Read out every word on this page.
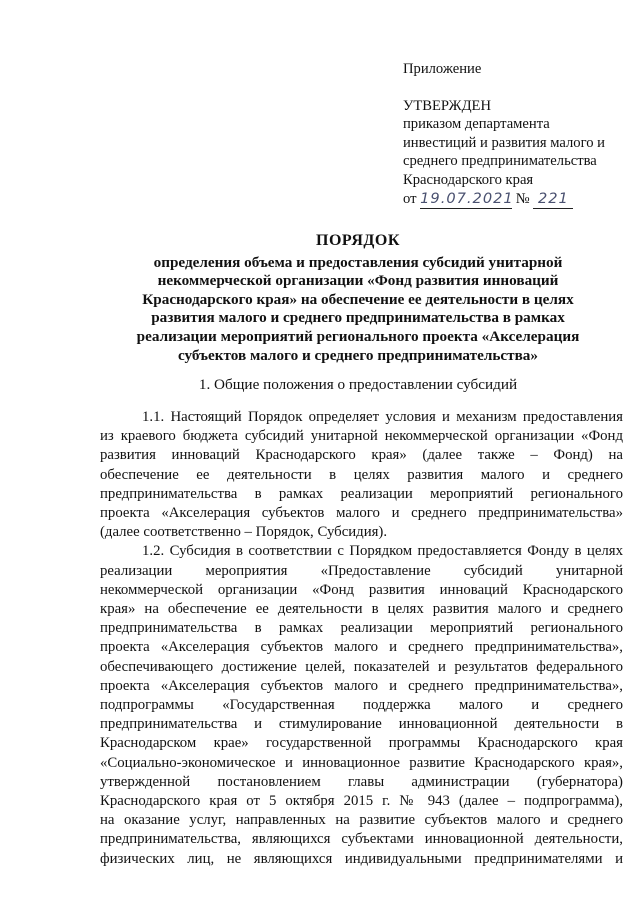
Приложение
УТВЕРЖДЕН
приказом департамента
инвестиций и развития малого и
среднего предпринимательства
Краснодарского края
от 19.07.2021 № 221
ПОРЯДОК
определения объема и предоставления субсидий унитарной
некоммерческой организации «Фонд развития инноваций
Краснодарского края» на обеспечение ее деятельности в целях
развития малого и среднего предпринимательства в рамках
реализации мероприятий регионального проекта «Акселерация
субъектов малого и среднего предпринимательства»
1. Общие положения о предоставлении субсидий
1.1. Настоящий Порядок определяет условия и механизм предоставления
из краевого бюджета субсидий унитарной некоммерческой организации «Фонд
развития инноваций Краснодарского края» (далее также – Фонд) на
обеспечение ее деятельности в целях развития малого и среднего
предпринимательства в рамках реализации мероприятий регионального
проекта «Акселерация субъектов малого и среднего предпринимательства»
(далее соответственно – Порядок, Субсидия).
1.2. Субсидия в соответствии с Порядком предоставляется Фонду в целях
реализации мероприятия «Предоставление субсидий унитарной
некоммерческой организации «Фонд развития инноваций Краснодарского
края» на обеспечение ее деятельности в целях развития малого и среднего
предпринимательства в рамках реализации мероприятий регионального
проекта «Акселерация субъектов малого и среднего предпринимательства»,
обеспечивающего достижение целей, показателей и результатов федерального
проекта «Акселерация субъектов малого и среднего предпринимательства»,
подпрограммы «Государственная поддержка малого и среднего
предпринимательства и стимулирование инновационной деятельности в
Краснодарском крае» государственной программы Краснодарского края
«Социально-экономическое и инновационное развитие Краснодарского края»,
утвержденной постановлением главы администрации (губернатора)
Краснодарского края от 5 октября 2015 г. № 943 (далее – подпрограмма),
на оказание услуг, направленных на развитие субъектов малого и среднего
предпринимательства, являющихся субъектами инновационной деятельности,
физических лиц, не являющихся индивидуальными предпринимателями и
